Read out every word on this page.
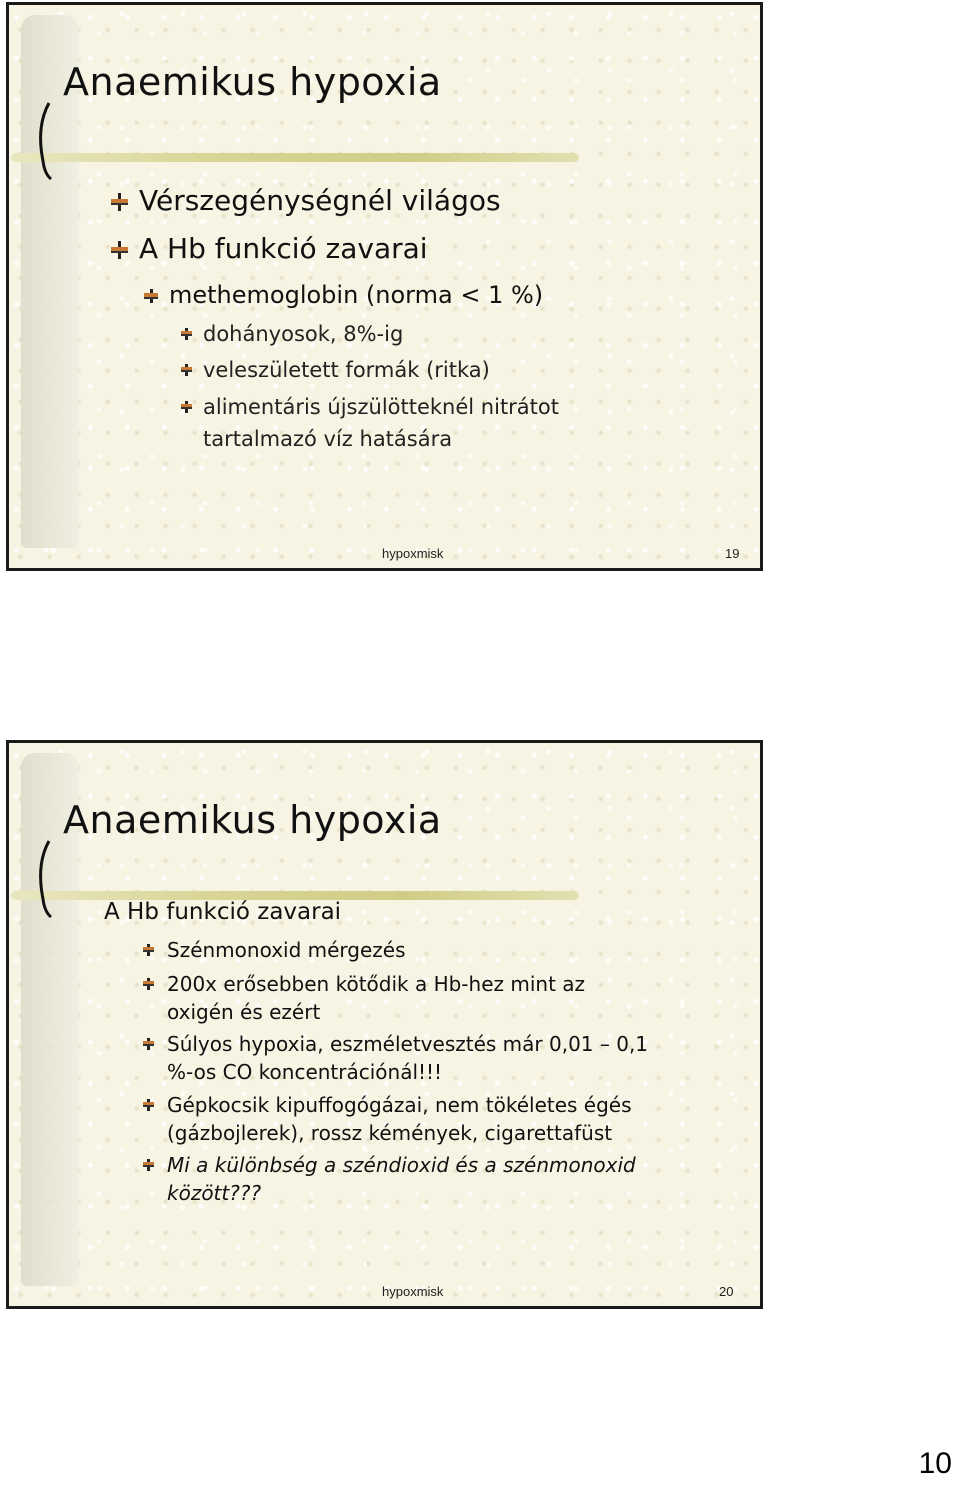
Anaemikus hypoxia
Vérszegénységnél világos
A Hb funkció zavarai
methemoglobin (norma < 1 %)
dohányosok, 8%-ig
veleszületett formák (ritka)
alimentáris újszülötteknél nitrátot
tartalmazó víz hatására
hypoxmisk	19
Anaemikus hypoxia
A Hb funkció zavarai
Szénmonoxid mérgezés
200x erősebben kötődik a Hb-hez mint az
oxigén és ezért
Súlyos hypoxia, eszméletvesztés már 0,01 – 0,1
%-os CO koncentrációnál!!!
Gépkocsik kipuffogógázai, nem tökéletes égés
(gázbojlerek), rossz kémények, cigarettafüst
Mi a különbség a széndioxid és a szénmonoxid
között???
hypoxmisk	20
10
